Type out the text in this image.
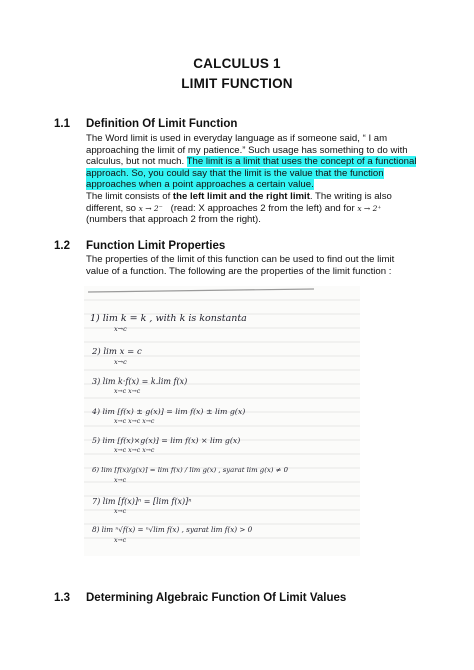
CALCULUS 1
LIMIT FUNCTION
1.1 Definition Of Limit Function
The Word limit is used in everyday language as if someone said, “ I am
approaching the limit of my patience.” Such usage has something to do with
calculus, but not much. The limit is a limit that uses the concept of a functional
approach. So, you could say that the limit is the value that the function
approaches when a point approaches a certain value.
The limit consists of the left limit and the right limit. The writing is also
different, so x → 2⁻ (read: X approaches 2 from the left) and for x → 2⁺
(numbers that approach 2 from the right).
1.2 Function Limit Properties
The properties of the limit of this function can be used to find out the limit
value of a function. The following are the properties of the limit function :
1) lim k = k , with k is konstanta
x→c
2) lim x = c
x→c
3) lim k·f(x) = k.lim f(x)
x→c x→c
4) lim [f(x) ± g(x)] = lim f(x) ± lim g(x)
x→c x→c x→c
5) lim [f(x)×g(x)] = lim f(x) × lim g(x)
x→c x→c x→c
6) lim [f(x)/g(x)] = lim f(x) / lim g(x) , syarat lim g(x) ≠ 0
x→c
7) lim [f(x)]ⁿ = [lim f(x)]ⁿ
x→c
8) lim ⁿ√f(x) = ⁿ√lim f(x) , syarat lim f(x) > 0
x→c
1.3 Determining Algebraic Function Of Limit Values
